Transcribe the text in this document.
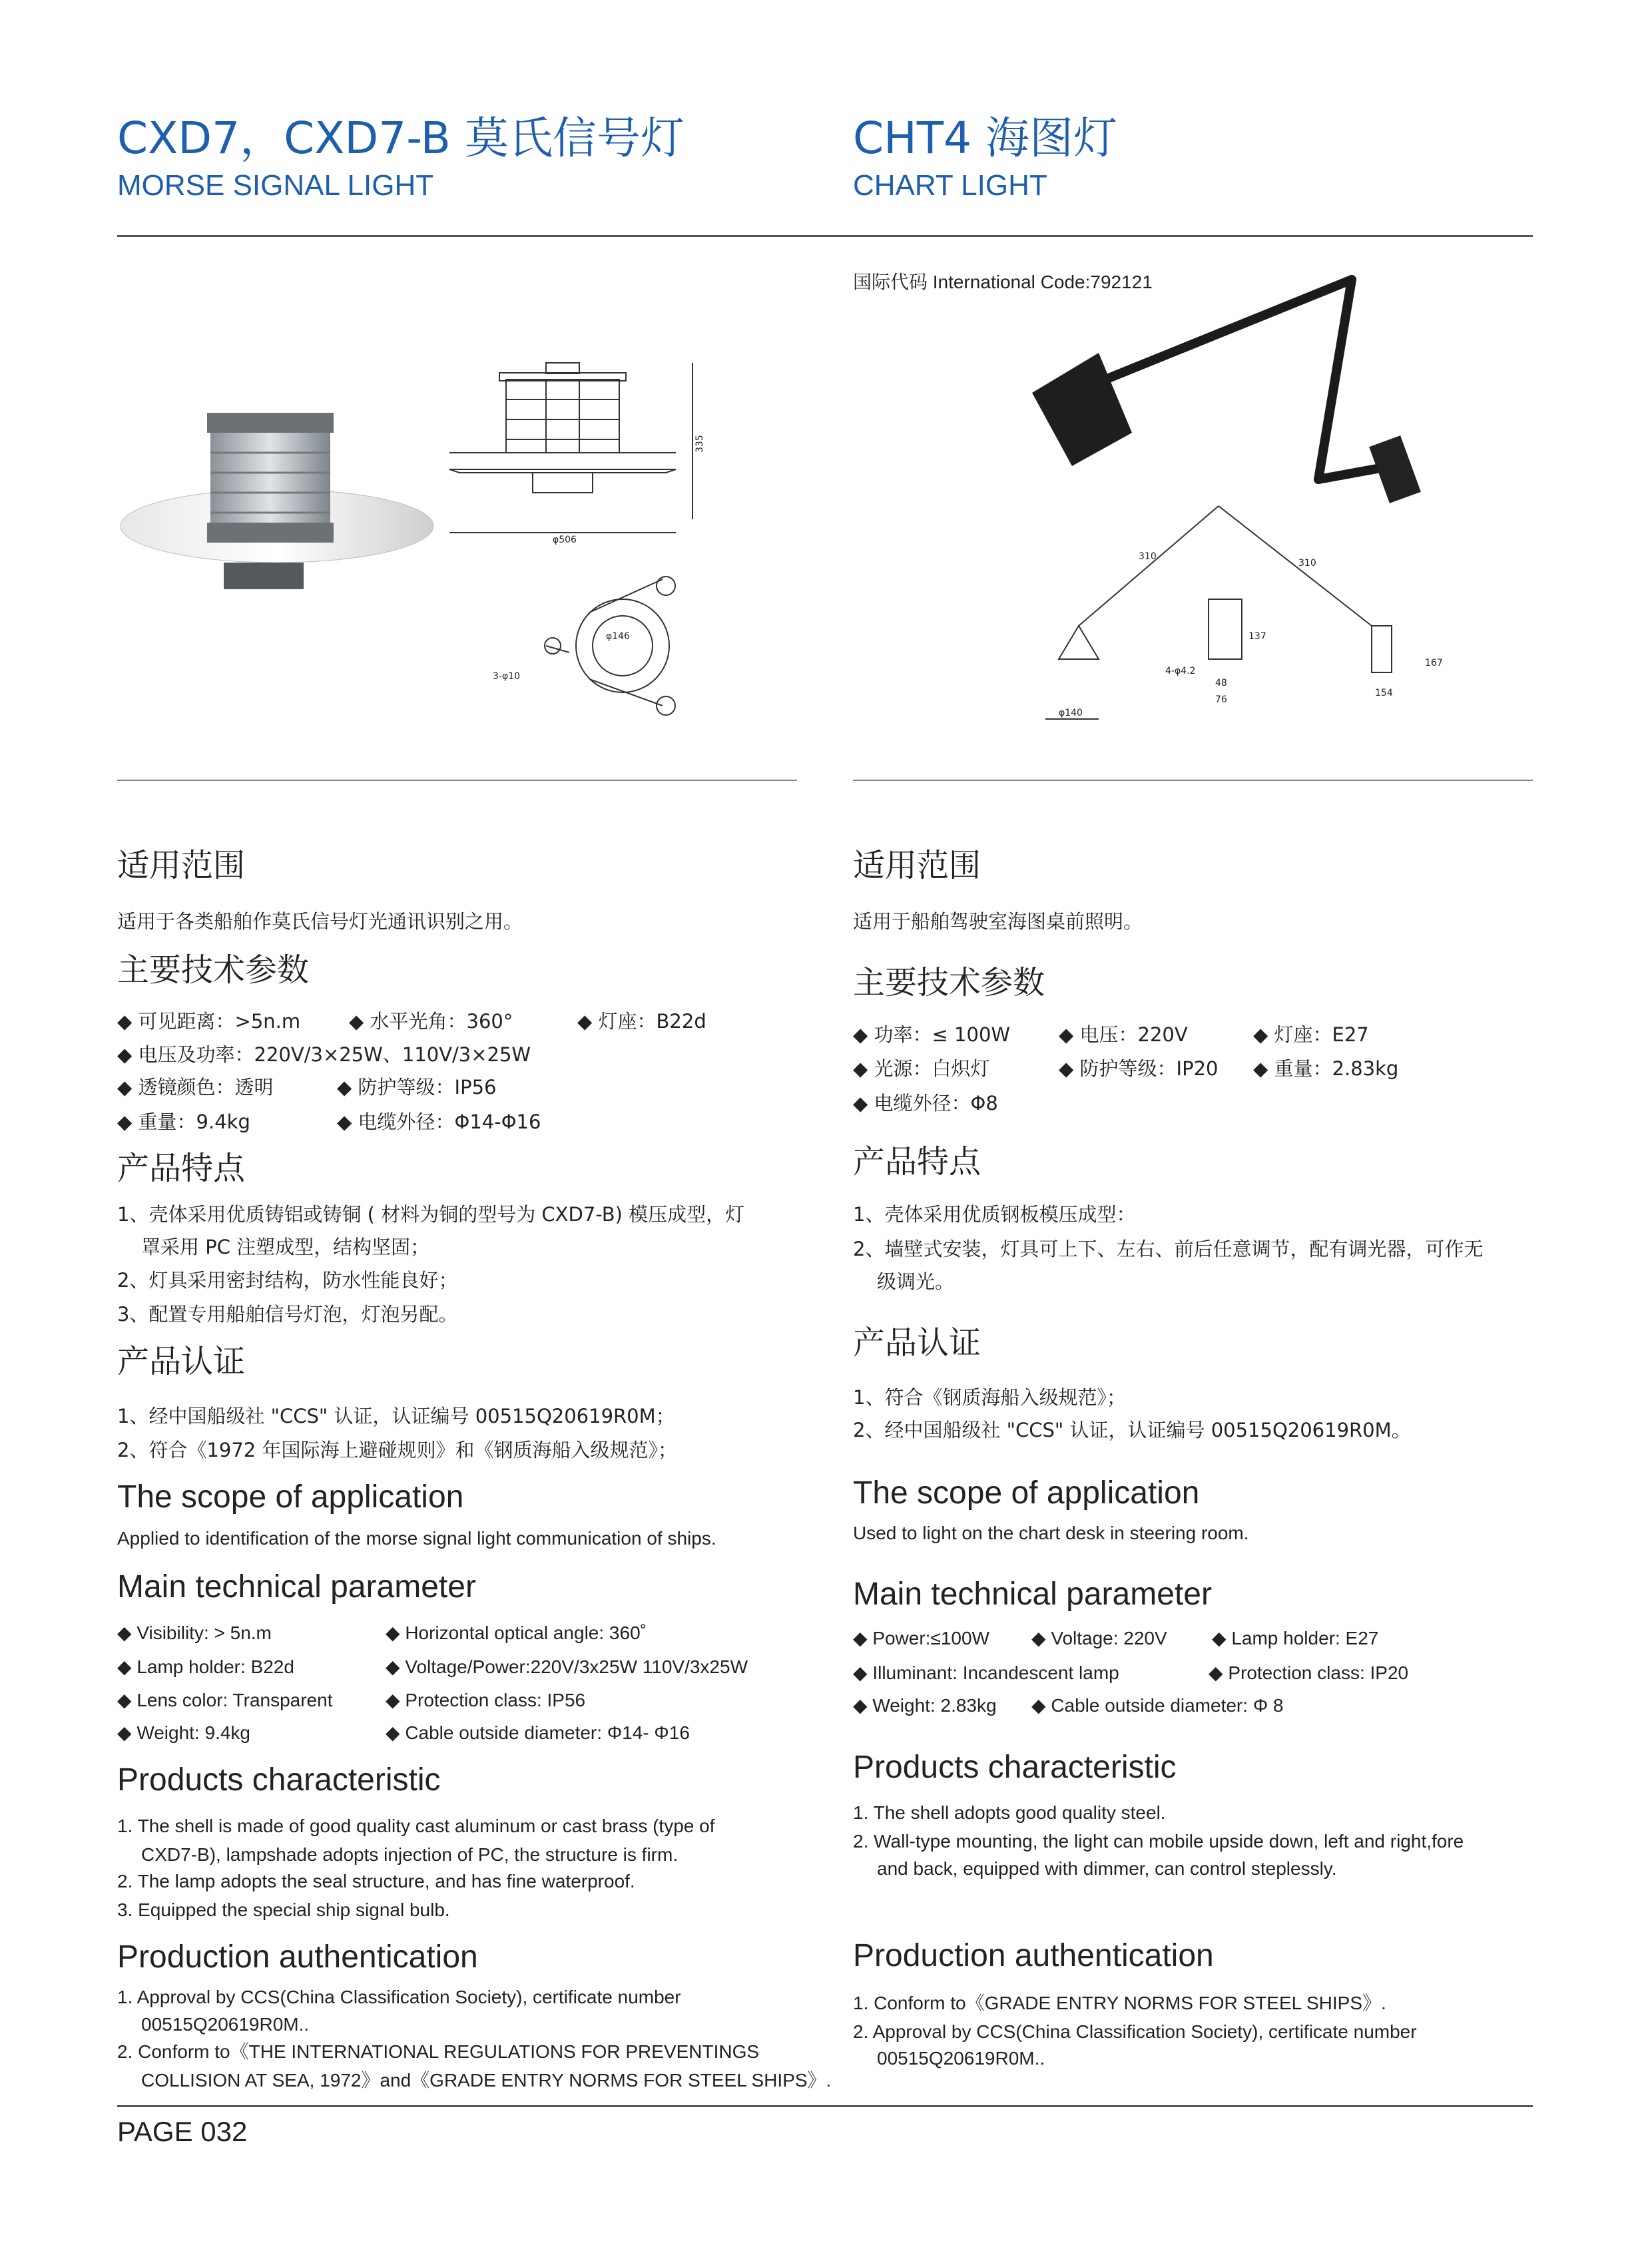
CXD7，CXD7-B 莫氏信号灯
MORSE SIGNAL LIGHT
CHT4 海图灯
CHART LIGHT
335
φ506
φ146
3-φ10
国际代码 International Code:792121
310
310
137
167
4-φ4.2
48
76
154
φ140
适用范围
适用于各类船舶作莫氏信号灯光通讯识别之用。
主要技术参数
◆ 可见距离：>5n.m	◆ 水平光角：360°	◆ 灯座：B22d
◆ 电压及功率：220V/3×25W、110V/3×25W
◆ 透镜颜色：透明	◆ 防护等级：IP56
◆ 重量：9.4kg	◆ 电缆外径：Φ14-Φ16
产品特点
1、壳体采用优质铸铝或铸铜 ( 材料为铜的型号为 CXD7-B) 模压成型，灯
罩采用 PC 注塑成型，结构坚固；
2、灯具采用密封结构，防水性能良好；
3、配置专用船舶信号灯泡，灯泡另配。
产品认证
1、经中国船级社 "CCS" 认证，认证编号 00515Q20619R0M；
2、符合《1972 年国际海上避碰规则》和《钢质海船入级规范》；
The scope of application
Applied to identification of the morse signal light communication of ships.
Main technical parameter
◆ Visibility: > 5n.m	◆ Horizontal optical angle: 360˚
◆ Lamp holder: B22d	◆ Voltage/Power:220V/3x25W 110V/3x25W
◆ Lens color: Transparent	◆ Protection class: IP56
◆ Weight: 9.4kg	◆ Cable outside diameter: Φ14- Φ16
Products characteristic
1. The shell is made of good quality cast aluminum or cast brass (type of
CXD7-B), lampshade adopts injection of PC, the structure is firm.
2. The lamp adopts the seal structure, and has fine waterproof.
3. Equipped the special ship signal bulb.
Production authentication
1. Approval by CCS(China Classification Society), certificate number
00515Q20619R0M..
2. Conform to《THE INTERNATIONAL REGULATIONS FOR PREVENTINGS
COLLISION AT SEA, 1972》and《GRADE ENTRY NORMS FOR STEEL SHIPS》.
适用范围
适用于船舶驾驶室海图桌前照明。
主要技术参数
◆ 功率：≤ 100W	◆ 电压：220V	◆ 灯座：E27
◆ 光源：白炽灯	◆ 防护等级：IP20 ◆ 重量：2.83kg
◆ 电缆外径：Φ8
产品特点
1、壳体采用优质钢板模压成型：
2、墙壁式安装，灯具可上下、左右、前后任意调节，配有调光器，可作无
级调光。
产品认证
1、符合《钢质海船入级规范》；
2、经中国船级社 "CCS" 认证，认证编号 00515Q20619R0M。
The scope of application
Used to light on the chart desk in steering room.
Main technical parameter
◆ Power:≤100W ◆ Voltage: 220V ◆ Lamp holder: E27
◆ Illuminant: Incandescent lamp	◆ Protection class: IP20
◆ Weight: 2.83kg ◆ Cable outside diameter: Φ 8
Products characteristic
1. The shell adopts good quality steel.
2. Wall-type mounting, the light can mobile upside down, left and right,fore
and back, equipped with dimmer, can control steplessly.
Production authentication
1. Conform to《GRADE ENTRY NORMS FOR STEEL SHIPS》.
2. Approval by CCS(China Classification Society), certificate number
00515Q20619R0M..
PAGE 032
